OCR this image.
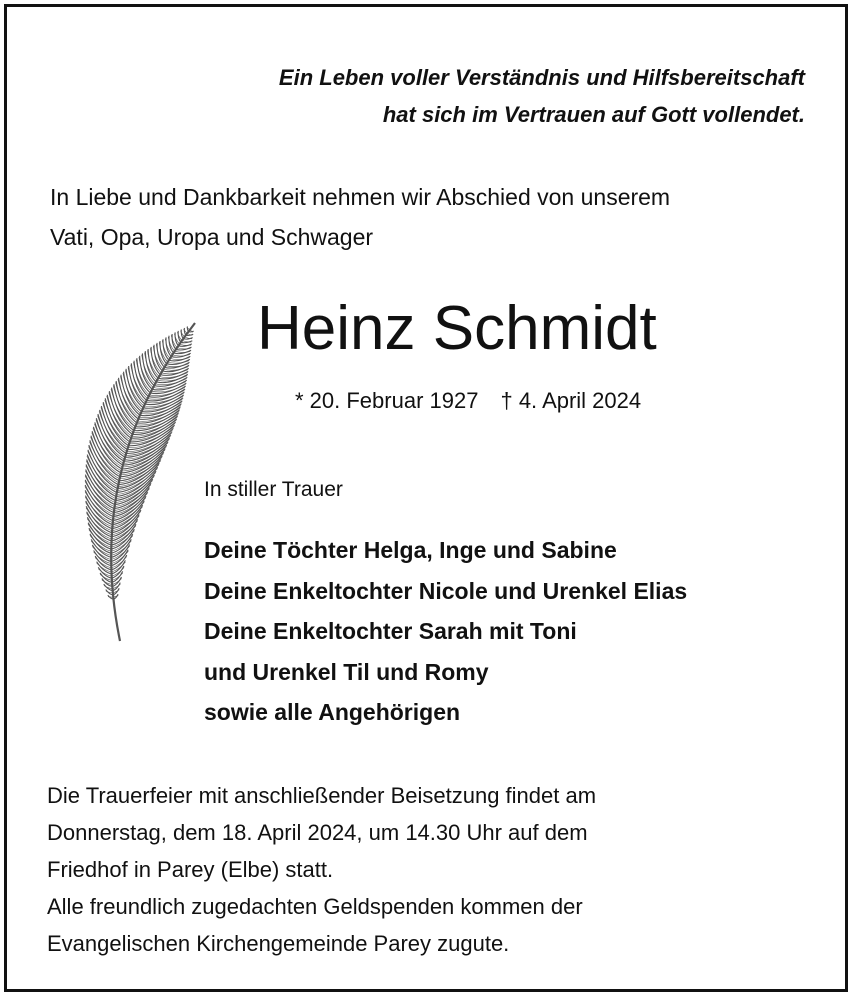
Ein Leben voller Verständnis und Hilfsbereitschaft
hat sich im Vertrauen auf Gott vollendet.
In Liebe und Dankbarkeit nehmen wir Abschied von unserem
Vati, Opa, Uropa und Schwager
Heinz Schmidt
* 20. Februar 1927 † 4. April 2024
In stiller Trauer
Deine Töchter Helga, Inge und Sabine
Deine Enkeltochter Nicole und Urenkel Elias
Deine Enkeltochter Sarah mit Toni
und Urenkel Til und Romy
sowie alle Angehörigen
Die Trauerfeier mit anschließender Beisetzung findet am
Donnerstag, dem 18. April 2024, um 14.30 Uhr auf dem
Friedhof in Parey (Elbe) statt.
Alle freundlich zugedachten Geldspenden kommen der
Evangelischen Kirchengemeinde Parey zugute.
